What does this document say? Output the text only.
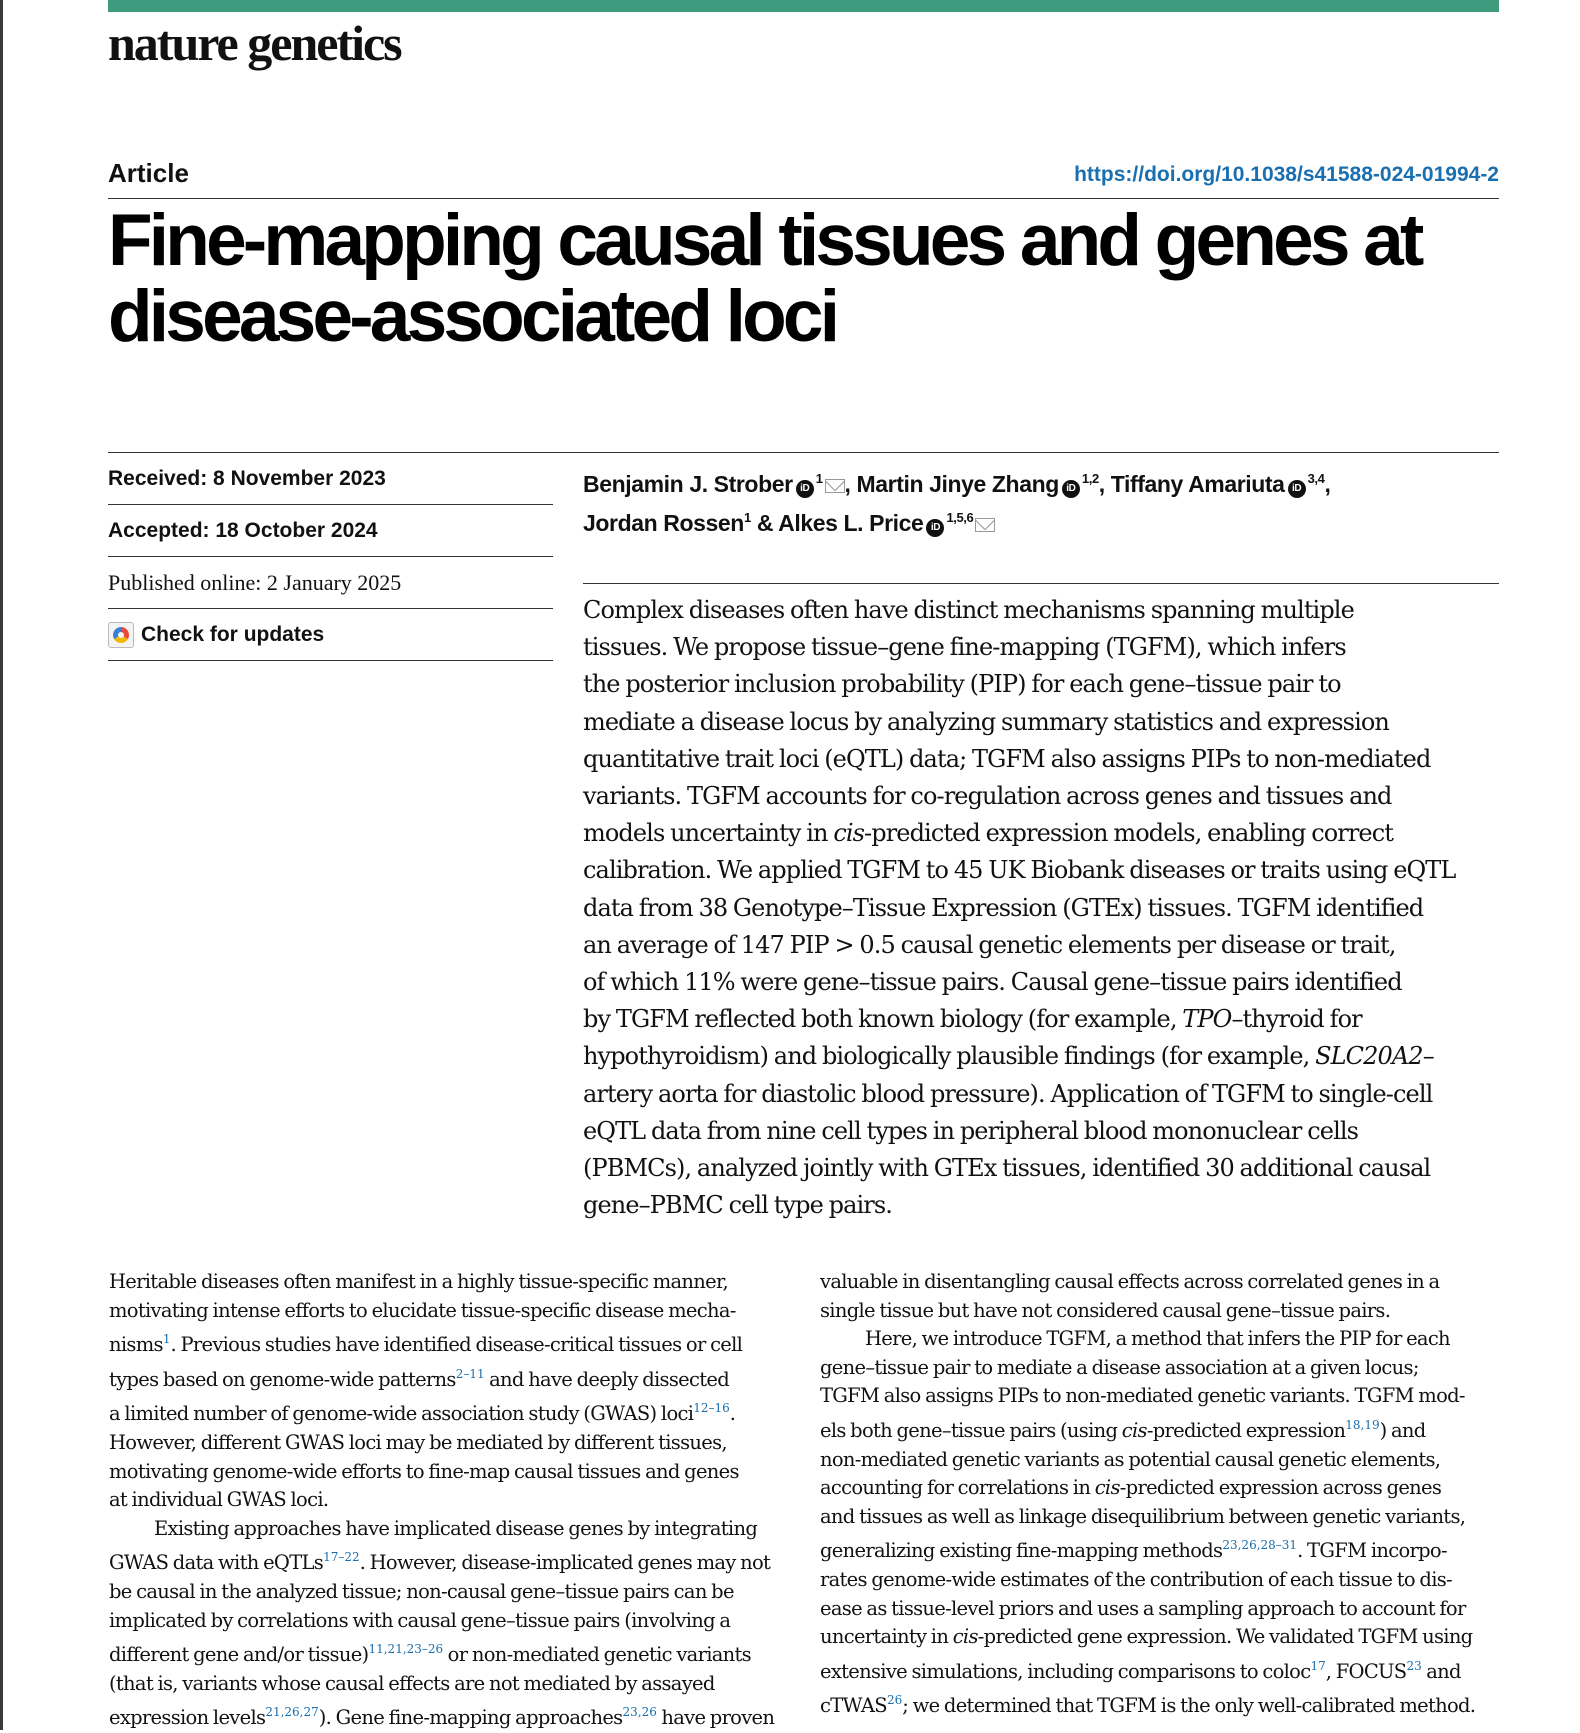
nature genetics
Article	https://doi.org/10.1038/s41588-024-01994-2
Fine-mapping causal tissues and genes at
disease-associated loci
Received: 8 November 2023
Accepted: 18 October 2024
Published online: 2 January 2025
Check for updates
Benjamin J. Strober $iD^1$ , Martin Jinye Zhang iD$^{1,2}$, Tiffany Amariuta iD$^{3,4}$,
Jordan Rossen$^1$ & Alkes L. Price iD$^{1,5,6}$
Complex diseases often have distinct mechanisms spanning multiple
tissues. We propose tissue–gene fine-mapping (TGFM), which infers
the posterior inclusion probability (PIP) for each gene–tissue pair to
mediate a disease locus by analyzing summary statistics and expression
quantitative trait loci (eQTL) data; TGFM also assigns PIPs to non-mediated
variants. TGFM accounts for co-regulation across genes and tissues and
models uncertainty in cis-predicted expression models, enabling correct
calibration. We applied TGFM to 45 UK Biobank diseases or traits using eQTL
data from 38 Genotype–Tissue Expression (GTEx) tissues. TGFM identified
an average of 147 PIP > 0.5 causal genetic elements per disease or trait,
of which 11% were gene–tissue pairs. Causal gene–tissue pairs identified
by TGFM reflected both known biology (for example, TPO–thyroid for
hypothyroidism) and biologically plausible findings (for example, SLC20A2–
artery aorta for diastolic blood pressure). Application of TGFM to single-cell
eQTL data from nine cell types in peripheral blood mononuclear cells
(PBMCs), analyzed jointly with GTEx tissues, identified 30 additional causal
gene–PBMC cell type pairs.
Heritable diseases often manifest in a highly tissue-specific manner,
motivating intense efforts to elucidate tissue-specific disease mecha-
nisms$^1$. Previous studies have identified disease-critical tissues or cell
types based on genome-wide patterns$^{2-11}$ and have deeply dissected
a limited number of genome-wide association study (GWAS) loci$^{12-16}$.
However, different GWAS loci may be mediated by different tissues,
motivating genome-wide efforts to fine-map causal tissues and genes
at individual GWAS loci.
Existing approaches have implicated disease genes by integrating
GWAS data with eQTLs$^{17-22}$. However, disease-implicated genes may not
be causal in the analyzed tissue; non-causal gene–tissue pairs can be
implicated by correlations with causal gene–tissue pairs (involving a
different gene and/or tissue)$^{11,21,23-26}$ or non-mediated genetic variants
(that is, variants whose causal effects are not mediated by assayed
expression levels$^{21,26,27}$). Gene fine-mapping approaches$^{23,26}$ have proven
valuable in disentangling causal effects across correlated genes in a
single tissue but have not considered causal gene–tissue pairs.
Here, we introduce TGFM, a method that infers the PIP for each
gene–tissue pair to mediate a disease association at a given locus;
TGFM also assigns PIPs to non-mediated genetic variants. TGFM mod-
els both gene–tissue pairs (using cis-predicted expression$^{18,19}$) and
non-mediated genetic variants as potential causal genetic elements,
accounting for correlations in cis-predicted expression across genes
and tissues as well as linkage disequilibrium between genetic variants,
generalizing existing fine-mapping methods$^{23,26,28-31}$. TGFM incorpo-
rates genome-wide estimates of the contribution of each tissue to dis-
ease as tissue-level priors and uses a sampling approach to account for
uncertainty in cis-predicted gene expression. We validated TGFM using
extensive simulations, including comparisons to coloc$^{17}$, FOCUS$^{23}$ and
cTWAS$^{26}$; we determined that TGFM is the only well-calibrated method.
